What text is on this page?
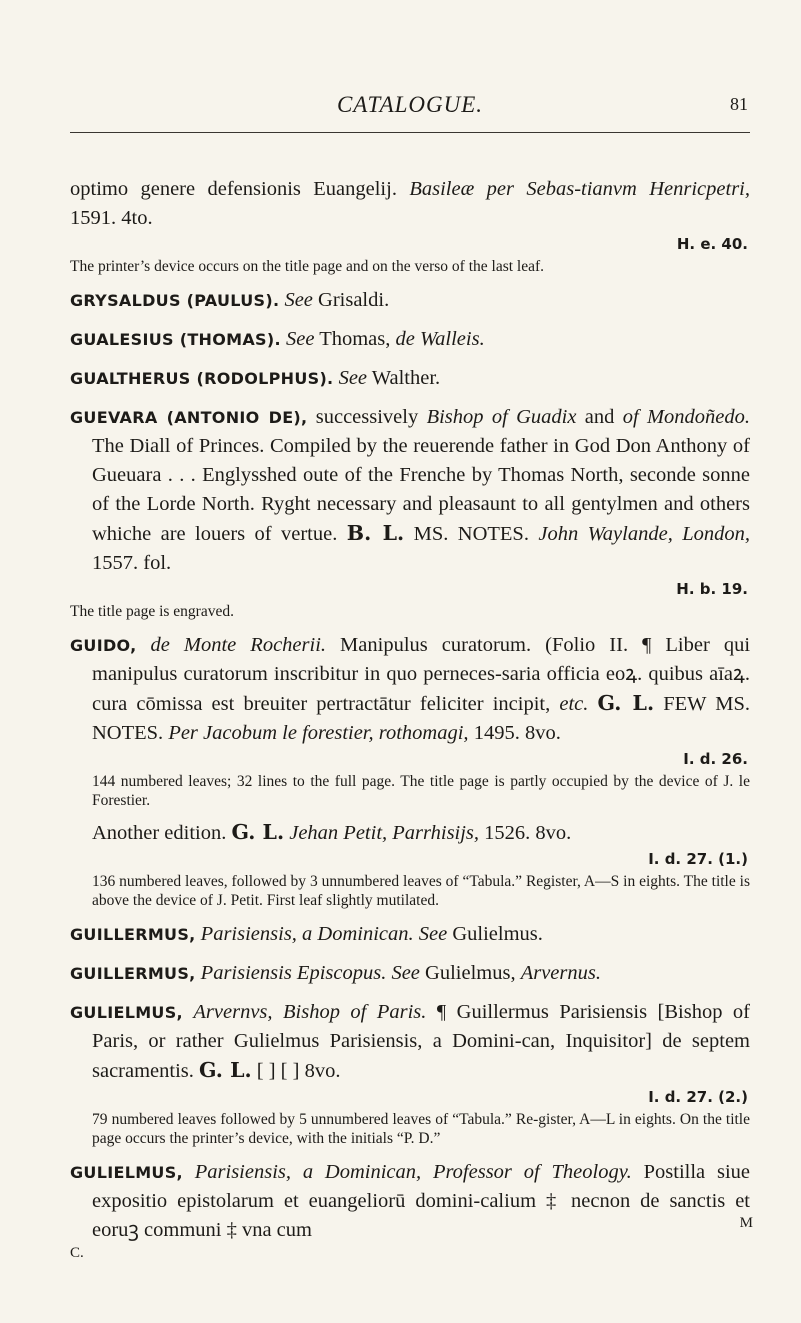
CATALOGUE.	81

optimo genere defensionis Euangelij. Basileæ per Sebas-tianvm Henricpetri, 1591. 4to.

H. e. 40.
The printer’s device occurs on the title page and on the verso of the last leaf.

GRYSALDUS (PAULUS). See Grisaldi.

GUALESIUS (THOMAS). See Thomas, de Walleis.

GUALTHERUS (RODOLPHUS). See Walther.

GUEVARA (ANTONIO DE), successively Bishop of Guadix and of Mondoñedo. The Diall of Princes. Compiled by the reuerende father in God Don Anthony of Gueuara . . . Englysshed oute of the Frenche by Thomas North, seconde sonne of the Lorde North. Ryght necessary and pleasaunt to all gentylmen and others whiche are louers of vertue. B. L. MS. NOTES. John Waylande, London, 1557. fol.

H. b. 19.
The title page is engraved.

GUIDO, de Monte Rocherii. Manipulus curatorum. (Folio II. ¶ Liber qui manipulus curatorum inscribitur in quo perneces-saria officia eoꝝ. quibus aīaꝝ. cura cōmissa est breuiter pertractātur feliciter incipit, etc. G. L. FEW MS. NOTES. Per Jacobum le forestier, rothomagi, 1495. 8vo.

I. d. 26.
144 numbered leaves; 32 lines to the full page. The title page is partly occupied by the device of J. le Forestier.

Another edition. G. L. Jehan Petit, Parrhisijs, 1526. 8vo.

I. d. 27. (1.)
136 numbered leaves, followed by 3 unnumbered leaves of “Tabula.” Register, A—S in eights. The title is above the device of J. Petit. First leaf slightly mutilated.

GUILLERMUS, Parisiensis, a Dominican. See Gulielmus.

GUILLERMUS, Parisiensis Episcopus. See Gulielmus, Arvernus.

GULIELMUS, Arvernvs, Bishop of Paris. ¶ Guillermus Parisiensis [Bishop of Paris, or rather Gulielmus Parisiensis, a Domini-can, Inquisitor] de septem sacramentis. G. L. [ ] [ ] 8vo.

I. d. 27. (2.)
79 numbered leaves followed by 5 unnumbered leaves of “Tabula.” Re-gister, A—L in eights. On the title page occurs the printer’s device, with the initials “P. D.”

GULIELMUS, Parisiensis, a Dominican, Professor of Theology. Postilla siue expositio epistolarum et euangeliorū domini-calium ‡ necnon de sanctis et eoruꝫ communi ‡ vna cum

C.
M
